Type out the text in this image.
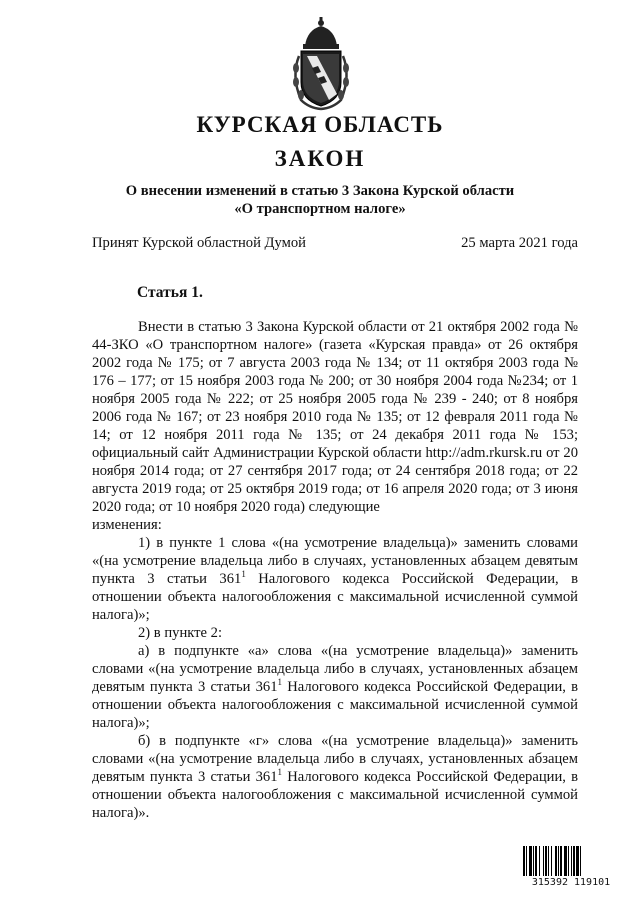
КУРСКАЯ ОБЛАСТЬ
ЗАКОН
О внесении изменений в статью 3 Закона Курской области
«О транспортном налоге»
Принят Курской областной Думой	25 марта 2021 года
Статья 1.

Внести в статью 3 Закона Курской области от 21 октября 2002 года № 44-ЗКО «О транспортном налоге» (газета «Курская правда» от 26 октября 2002 года № 175; от 7 августа 2003 года № 134; от 11 октября 2003 года № 176 – 177; от 15 ноября 2003 года № 200; от 30 ноября 2004 года №234; от 1 ноября 2005 года № 222; от 25 ноября 2005 года № 239 - 240; от 8 ноября 2006 года № 167; от 23 ноября 2010 года № 135; от 12 февраля 2011 года № 14; от 12 ноября 2011 года № 135; от 24 декабря 2011 года № 153; официальный сайт Администрации Курской области http://adm.rkursk.ru от 20 ноября 2014 года; от 27 сентября 2017 года; от 24 сентября 2018 года; от 22 августа 2019 года; от 25 октября 2019 года; от 16 апреля 2020 года; от 3 июня 2020 года; от 10 ноября 2020 года) следующие

изменения:

1) в пункте 1 слова «(на усмотрение владельца)» заменить словами «(на усмотрение владельца либо в случаях, установленных абзацем девятым пункта 3 статьи $361^1$ Налогового кодекса Российской Федерации, в отношении объекта налогообложения с максимальной исчисленной суммой налога)»;

2) в пункте 2:

а) в подпункте «а» слова «(на усмотрение владельца)» заменить словами «(на усмотрение владельца либо в случаях, установленных абзацем девятым пункта 3 статьи $361^1$ Налогового кодекса Российской Федерации, в отношении объекта налогообложения с максимальной исчисленной суммой налога)»;

б) в подпункте «г» слова «(на усмотрение владельца)» заменить словами «(на усмотрение владельца либо в случаях, установленных абзацем девятым пункта 3 статьи $361^1$ Налогового кодекса Российской Федерации, в отношении объекта налогообложения с максимальной исчисленной суммой налога)».

315392 119101
